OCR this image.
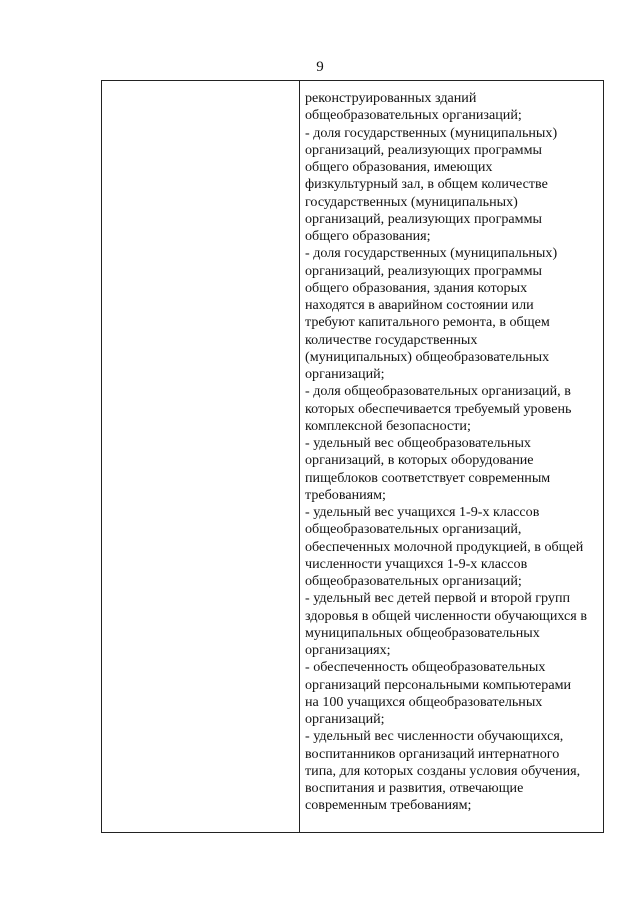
9
реконструированных зданий
общеобразовательных организаций;
- доля государственных (муниципальных)
организаций, реализующих программы
общего образования, имеющих
физкультурный зал, в общем количестве
государственных (муниципальных)
организаций, реализующих программы
общего образования;
- доля государственных (муниципальных)
организаций, реализующих программы
общего образования, здания которых
находятся в аварийном состоянии или
требуют капитального ремонта, в общем
количестве государственных
(муниципальных) общеобразовательных
организаций;
- доля общеобразовательных организаций, в
которых обеспечивается требуемый уровень
комплексной безопасности;
- удельный вес общеобразовательных
организаций, в которых оборудование
пищеблоков соответствует современным
требованиям;
- удельный вес учащихся 1-9-х классов
общеобразовательных организаций,
обеспеченных молочной продукцией, в общей
численности учащихся 1-9-х классов
общеобразовательных организаций;
- удельный вес детей первой и второй групп
здоровья в общей численности обучающихся в
муниципальных общеобразовательных
организациях;
- обеспеченность общеобразовательных
организаций персональными компьютерами
на 100 учащихся общеобразовательных
организаций;
- удельный вес численности обучающихся,
воспитанников организаций интернатного
типа, для которых созданы условия обучения,
воспитания и развития, отвечающие
современным требованиям;
